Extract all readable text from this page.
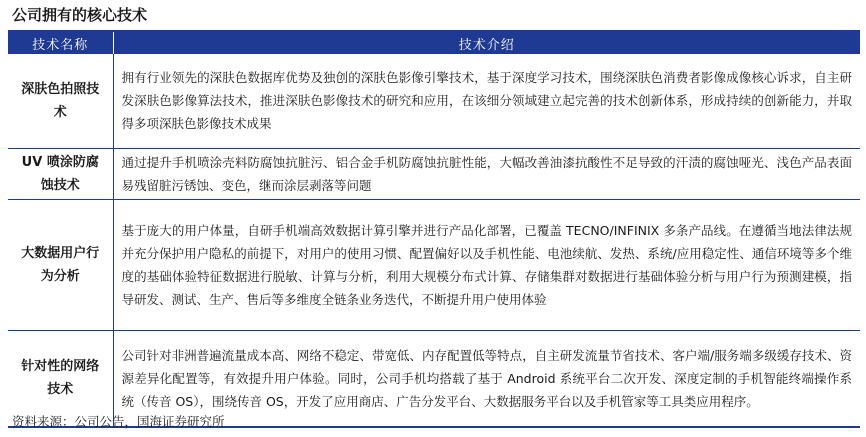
公司拥有的核心技术
技术名称	技术介绍
深肤色拍照技术	拥有行业领先的深肤色数据库优势及独创的深肤色影像引擎技术，基于深度学习技术，围绕深肤色消费者影像成像核心诉求，自主研发深肤色影像算法技术，推进深肤色影像技术的研究和应用，在该细分领域建立起完善的技术创新体系，形成持续的创新能力，并取得多项深肤色影像技术成果
UV 喷涂防腐蚀技术	通过提升手机喷涂壳料防腐蚀抗脏污、铝合金手机防腐蚀抗脏性能，大幅改善油漆抗酸性不足导致的汗渍的腐蚀哑光、浅色产品表面易残留脏污锈蚀、变色，继而涂层剥落等问题
大数据用户行为分析	基于庞大的用户体量，自研手机端高效数据计算引擎并进行产品化部署，已覆盖 TECNO/INFINIX 多条产品线。在遵循当地法律法规并充分保护用户隐私的前提下，对用户的使用习惯、配置偏好以及手机性能、电池续航、发热、系统/应用稳定性、通信环境等多个维度的基础体验特征数据进行脱敏、计算与分析，利用大规模分布式计算、存储集群对数据进行基础体验分析与用户行为预测建模，指导研发、测试、生产、售后等多维度全链条业务迭代，不断提升用户使用体验
针对性的网络技术	公司针对非洲普遍流量成本高、网络不稳定、带宽低、内存配置低等特点，自主研发流量节省技术、客户端/服务端多级缓存技术、资源差异化配置等，有效提升用户体验。同时，公司手机均搭载了基于 Android 系统平台二次开发、深度定制的手机智能终端操作系统（传音 OS），围绕传音 OS，开发了应用商店、广告分发平台、大数据服务平台以及手机管家等工具类应用程序。
资料来源：公司公告，国海证券研究所
